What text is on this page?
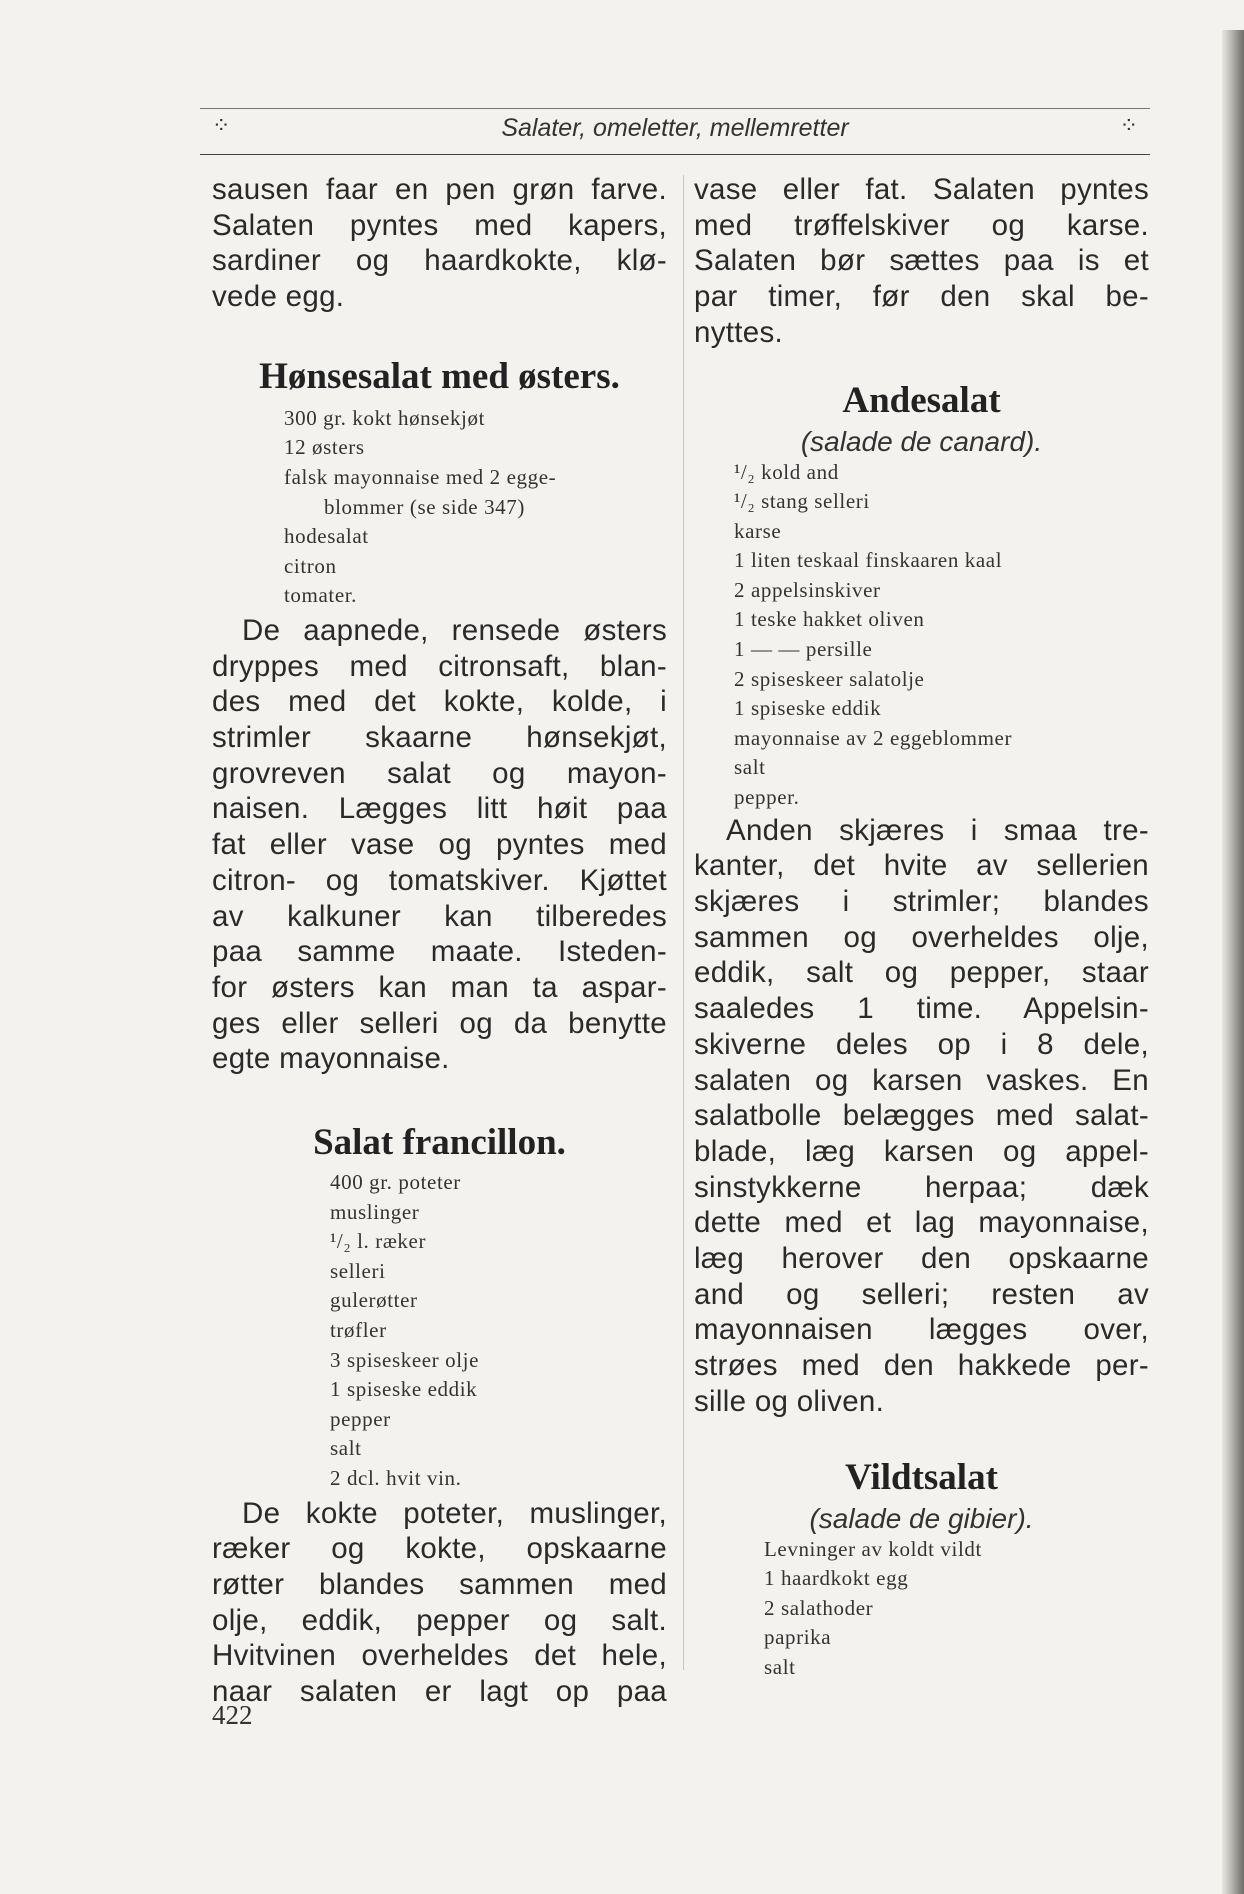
⁘	Salater, omeletter, mellemretter	⁘
sausen faar en pen grøn farve.
Salaten pyntes med kapers,
sardiner og haardkokte, klø-
vede egg.
Hønsesalat med østers.
300 gr. kokt hønsekjøt
12 østers
falsk mayonnaise med 2 egge-
blommer (se side 347)
hodesalat
citron
tomater.
De aapnede, rensede østers
dryppes med citronsaft, blan-
des med det kokte, kolde, i
strimler skaarne hønsekjøt,
grovreven salat og mayon-
naisen. Lægges litt høit paa
fat eller vase og pyntes med
citron- og tomatskiver. Kjøttet
av kalkuner kan tilberedes
paa samme maate. Isteden-
for østers kan man ta aspar-
ges eller selleri og da benytte
egte mayonnaise.
Salat francillon.
400 gr. poteter
muslinger
¹/₂ l. ræker
selleri
gulerøtter
trøfler
3 spiseskeer olje
1 spiseske eddik
pepper
salt
2 dcl. hvit vin.
De kokte poteter, muslinger,
ræker og kokte, opskaarne
røtter blandes sammen med
olje, eddik, pepper og salt.
Hvitvinen overheldes det hele,
naar salaten er lagt op paa
vase eller fat. Salaten pyntes
med trøffelskiver og karse.
Salaten bør sættes paa is et
par timer, før den skal be-
nyttes.
Andesalat

(salade de canard).

¹/₂ kold and
¹/₂ stang selleri
karse
1 liten teskaal finskaaren kaal
2 appelsinskiver
1 teske hakket oliven
1 — — persille
2 spiseskeer salatolje
1 spiseske eddik
mayonnaise av 2 eggeblommer
salt
pepper.
Anden skjæres i smaa tre-
kanter, det hvite av sellerien
skjæres i strimler; blandes
sammen og overheldes olje,
eddik, salt og pepper, staar
saaledes 1 time. Appelsin-
skiverne deles op i 8 dele,
salaten og karsen vaskes. En
salatbolle belægges med salat-
blade, læg karsen og appel-
sinstykkerne herpaa; dæk
dette med et lag mayonnaise,
læg herover den opskaarne
and og selleri; resten av
mayonnaisen lægges over,
strøes med den hakkede per-
sille og oliven.
Vildtsalat

(salade de gibier).

Levninger av koldt vildt
1 haardkokt egg
2 salathoder
paprika
salt
422
